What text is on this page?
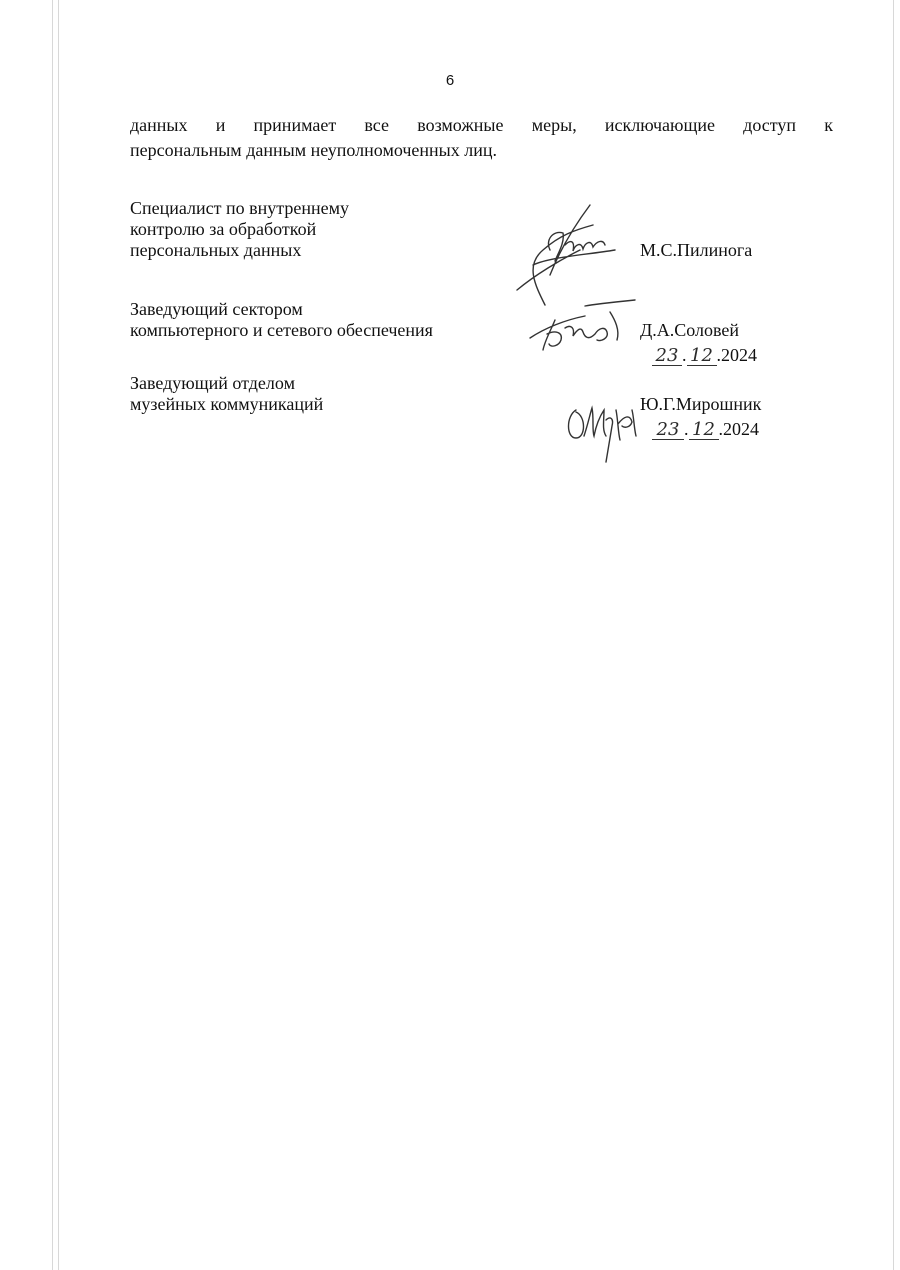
6
данных и принимает все возможные меры, исключающие доступ к
персональным данным неуполномоченных лиц.
Специалист по внутреннему
контролю за обработкой
персональных данных	М.С.Пилинога
Заведующий сектором
компьютерного и сетевого обеспечения	Д.А.Соловей
23 . 12 .2024
Заведующий отделом
музейных коммуникаций	Ю.Г.Мирошник
23 . 12 .2024
